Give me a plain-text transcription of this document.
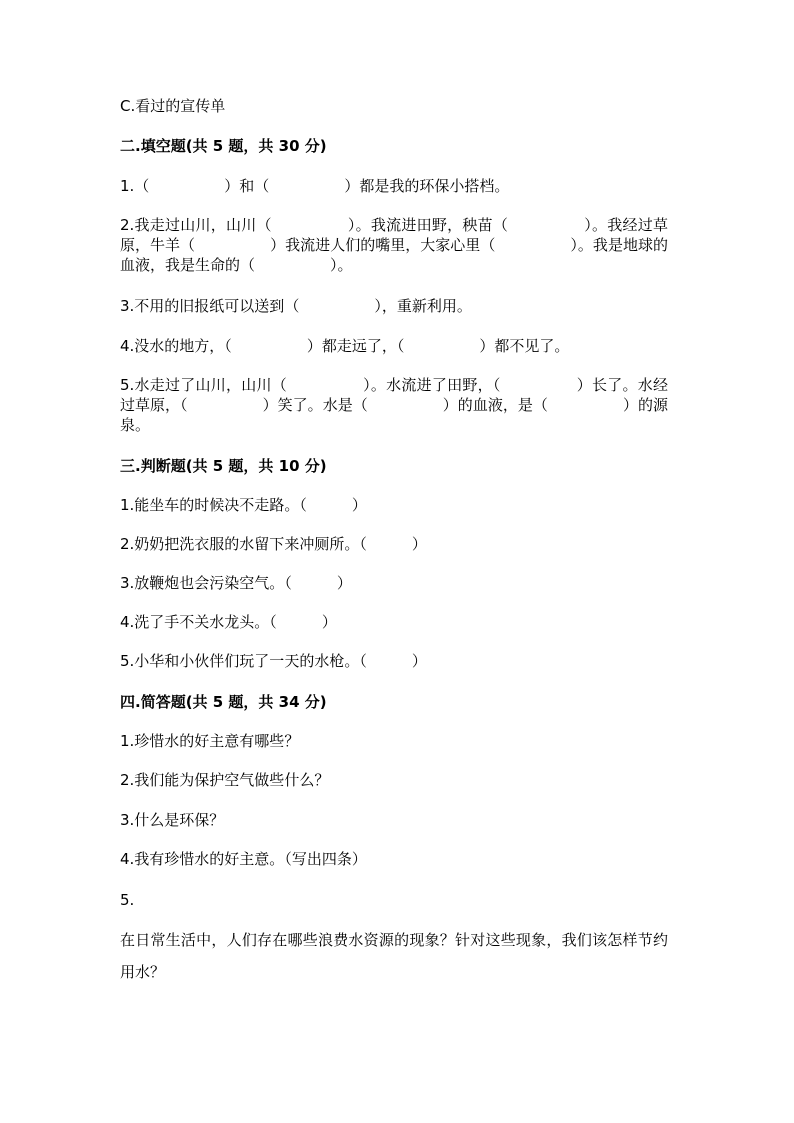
C.看过的宣传单
二.填空题(共 5 题，共 30 分)
1.（　　　　　）和（　　　　　）都是我的环保小搭档。
2.我走过山川，山川（　　　　　）。我流进田野，秧苗（　　　　　）。我经过草原，牛羊（　　　　　）我流进人们的嘴里，大家心里（　　　　　）。我是地球的血液，我是生命的（　　　　　）。
3.不用的旧报纸可以送到（　　　　　），重新利用。
4.没水的地方，（　　　　　）都走远了，（　　　　　）都不见了。
5.水走过了山川，山川（　　　　　）。水流进了田野，（　　　　　）长了。水经过草原，（　　　　　）笑了。水是（　　　　　）的血液，是（　　　　　）的源泉。
三.判断题(共 5 题，共 10 分)
1.能坐车的时候决不走路。（　　　）
2.奶奶把洗衣服的水留下来冲厕所。（　　　）
3.放鞭炮也会污染空气。（　　　）
4.洗了手不关水龙头。（　　　）
5.小华和小伙伴们玩了一天的水枪。（　　　）
四.简答题(共 5 题，共 34 分)
1.珍惜水的好主意有哪些？
2.我们能为保护空气做些什么？
3.什么是环保？
4.我有珍惜水的好主意。（写出四条）
5.
在日常生活中，人们存在哪些浪费水资源的现象？针对这些现象，我们该怎样节约用水？
